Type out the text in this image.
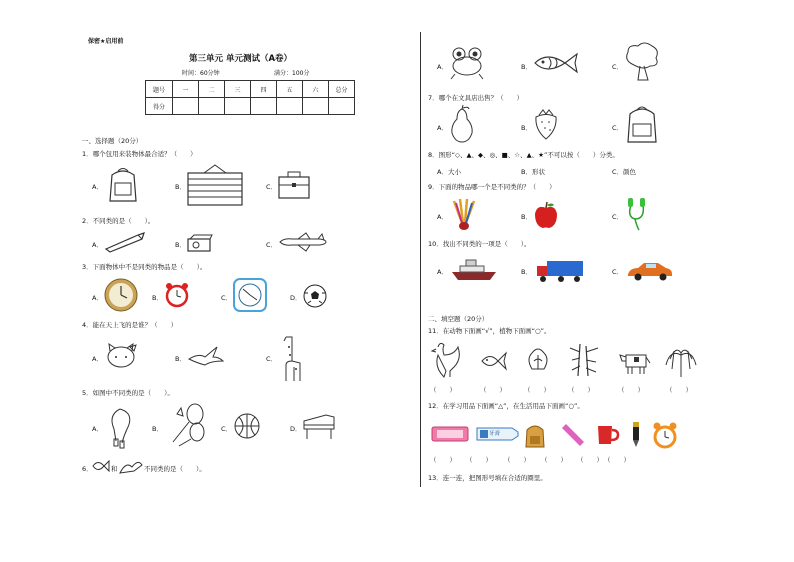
保密★启用前
第三单元 单元测试（A卷）
时间：60分钟	满分：100分
题号	一	二	三	四	五	六	总分
得分							
一、选择题（20分）
1．哪个包用来装物体最合适？（　　）
A．	B．	C．
2．不同类的是（　　）。
A．	B．	C．
3．下面物体中不是同类的物品是（　　）。
A．	B．	C．	D．
4．能在天上飞的是谁？（　　）
A．	B．	C．
5．如图中不同类的是（　　）。
A．	B．	C．	D．
6．	和	不同类的是（　　）。
A．	B．	C．
7．哪个在文具店出售？（　　）
A．	B．	C．
8．图形“◇、▲、◆、◎、■、☆、▲、★”不可以按（　　）分类。
A．大小	B．形状	C．颜色
9．下面的物品哪一个是不同类的？（　　）
A．	B．	C．
10．找出不同类的一项是（　　）。
A．	B．	C．
二、填空题（20分）
11．在动物下面画“√”，植物下面画“○”。
（　　）	（　　）	（　　）	（　　）	（　　）	（　　）
12．在学习用品下面画“△”，在生活用品下面画“○”。
牙膏
（　　） （　　） （　　） （　　） （　　） （　　）
13．连一连，把图形号填在合适的圈里。
